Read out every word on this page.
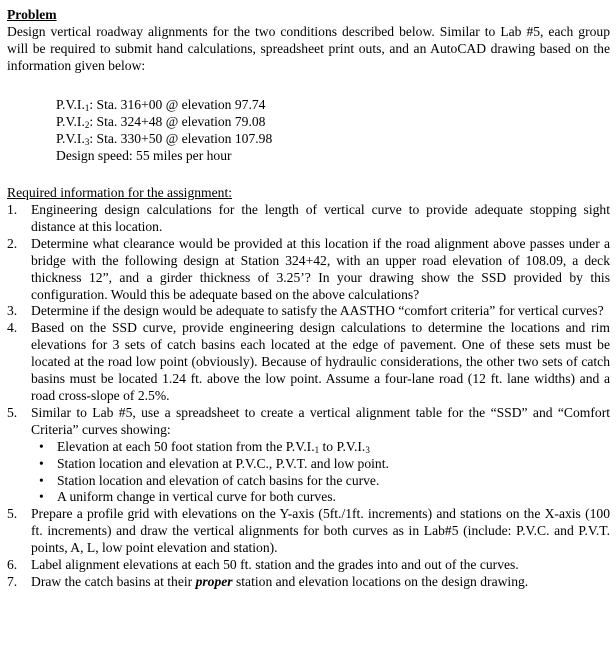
Problem
Design vertical roadway alignments for the two conditions described below. Similar to Lab #5, each group will be required to submit hand calculations, spreadsheet print outs, and an AutoCAD drawing based on the information given below:
$P.V.I._1$: Sta. 316+00 @ elevation 97.74
$P.V.I._2$: Sta. 324+48 @ elevation 79.08
$P.V.I._3$: Sta. 330+50 @ elevation 107.98
Design speed: 55 miles per hour
Required information for the assignment:
1. Engineering design calculations for the length of vertical curve to provide adequate stopping sight distance at this location.
2. Determine what clearance would be provided at this location if the road alignment above passes under a bridge with the following design at Station 324+42, with an upper road elevation of 108.09, a deck thickness 12”, and a girder thickness of 3.25’? In your drawing show the SSD provided by this configuration. Would this be adequate based on the above calculations?
3. Determine if the design would be adequate to satisfy the AASTHO “comfort criteria” for vertical curves?
4. Based on the SSD curve, provide engineering design calculations to determine the locations and rim elevations for 3 sets of catch basins each located at the edge of pavement. One of these sets must be located at the road low point (obviously). Because of hydraulic considerations, the other two sets of catch basins must be located 1.24 ft. above the low point. Assume a four-lane road (12 ft. lane widths) and a road cross-slope of 2.5%.
5. Similar to Lab #5, use a spreadsheet to create a vertical alignment table for the “SSD” and “Comfort Criteria” curves showing:
• Elevation at each 50 foot station from the $P.V.I._1$ to $P.V.I._3$
• Station location and elevation at P.V.C., P.V.T. and low point.
• Station location and elevation of catch basins for the curve.
• A uniform change in vertical curve for both curves.
5. Prepare a profile grid with elevations on the Y-axis (5ft./1ft. increments) and stations on the X-axis (100 ft. increments) and draw the vertical alignments for both curves as in Lab#5 (include: P.V.C. and P.V.T. points, A, L, low point elevation and station).
6. Label alignment elevations at each 50 ft. station and the grades into and out of the curves.
7. Draw the catch basins at their proper station and elevation locations on the design drawing.
